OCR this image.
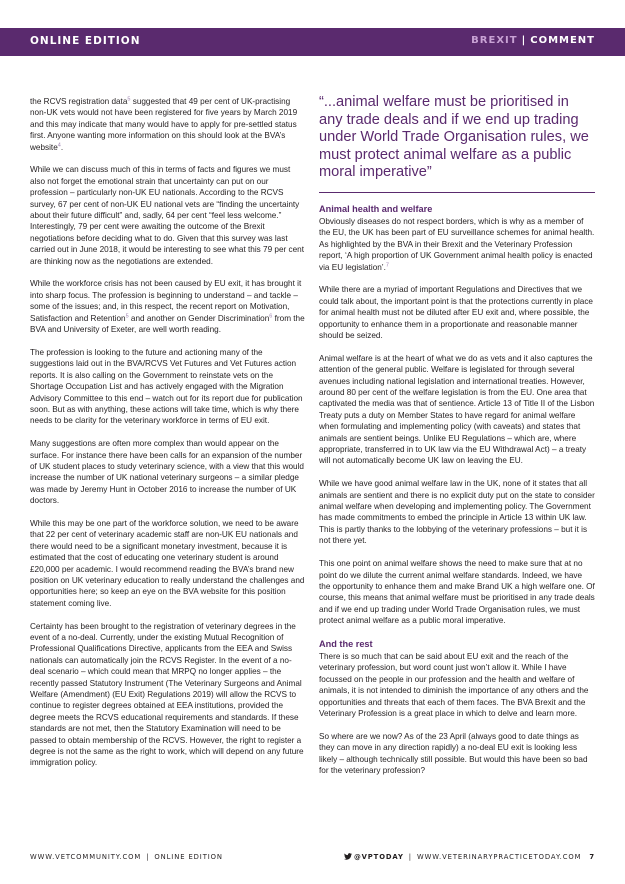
ONLINE EDITION	BREXIT | COMMENT

the RCVS registration data$^5$ suggested that 49 per cent of UK-practising non-UK vets would not have been registered for five years by March 2019 and this may indicate that many would have to apply for pre-settled status first. Anyone wanting more information on this should look at the BVA’s website$^4$.

While we can discuss much of this in terms of facts and figures we must also not forget the emotional strain that uncertainty can put on our profession – particularly non-UK EU nationals. According to the RCVS survey, 67 per cent of non-UK EU national vets are “finding the uncertainty about their future difficult” and, sadly, 64 per cent “feel less welcome.” Interestingly, 79 per cent were awaiting the outcome of the Brexit negotiations before deciding what to do. Given that this survey was last carried out in June 2018, it would be interesting to see what this 79 per cent are thinking now as the negotiations are extended.

While the workforce crisis has not been caused by EU exit, it has brought it into sharp focus. The profession is beginning to understand – and tackle – some of the issues; and, in this respect, the recent report on Motivation, Satisfaction and Retention$^5$ and another on Gender Discrimination$^6$ from the BVA and University of Exeter, are well worth reading.

The profession is looking to the future and actioning many of the suggestions laid out in the BVA/RCVS Vet Futures and Vet Futures action reports. It is also calling on the Government to reinstate vets on the Shortage Occupation List and has actively engaged with the Migration Advisory Committee to this end – watch out for its report due for publication soon. But as with anything, these actions will take time, which is why there needs to be clarity for the veterinary workforce in terms of EU exit.

Many suggestions are often more complex than would appear on the surface. For instance there have been calls for an expansion of the number of UK student places to study veterinary science, with a view that this would increase the number of UK national veterinary surgeons – a similar pledge was made by Jeremy Hunt in October 2016 to increase the number of UK doctors.

While this may be one part of the workforce solution, we need to be aware that 22 per cent of veterinary academic staff are non-UK EU nationals and there would need to be a significant monetary investment, because it is estimated that the cost of educating one veterinary student is around £20,000 per academic. I would recommend reading the BVA’s brand new position on UK veterinary education to really understand the challenges and opportunities here; so keep an eye on the BVA website for this position statement coming live.

Certainty has been brought to the registration of veterinary degrees in the event of a no-deal. Currently, under the existing Mutual Recognition of Professional Qualifications Directive, applicants from the EEA and Swiss nationals can automatically join the RCVS Register. In the event of a no-deal scenario – which could mean that MRPQ no longer applies – the recently passed Statutory Instrument (The Veterinary Surgeons and Animal Welfare (Amendment) (EU Exit) Regulations 2019) will allow the RCVS to continue to register degrees obtained at EEA institutions, provided the degree meets the RCVS educational requirements and standards. If these standards are not met, then the Statutory Examination will need to be passed to obtain membership of the RCVS. However, the right to register a degree is not the same as the right to work, which will depend on any future immigration policy.

“...animal welfare must be prioritised in any trade deals and if we end up trading under World Trade Organisation rules, we must protect animal welfare as a public moral imperative”
Animal health and welfare

Obviously diseases do not respect borders, which is why as a member of the EU, the UK has been part of EU surveillance schemes for animal health. As highlighted by the BVA in their Brexit and the Veterinary Profession report, ‘A high proportion of UK Government animal health policy is enacted via EU legislation’.$^7$

While there are a myriad of important Regulations and Directives that we could talk about, the important point is that the protections currently in place for animal health must not be diluted after EU exit and, where possible, the opportunity to enhance them in a proportionate and reasonable manner should be seized.

Animal welfare is at the heart of what we do as vets and it also captures the attention of the general public. Welfare is legislated for through several avenues including national legislation and international treaties. However, around 80 per cent of the welfare legislation is from the EU. One area that captivated the media was that of sentience. Article 13 of Title II of the Lisbon Treaty puts a duty on Member States to have regard for animal welfare when formulating and implementing policy (with caveats) and states that animals are sentient beings. Unlike EU Regulations – which are, where appropriate, transferred in to UK law via the EU Withdrawal Act) – a treaty will not automatically become UK law on leaving the EU.

While we have good animal welfare law in the UK, none of it states that all animals are sentient and there is no explicit duty put on the state to consider animal welfare when developing and implementing policy. The Government has made commitments to embed the principle in Article 13 within UK law. This is partly thanks to the lobbying of the veterinary professions – but it is not there yet.

This one point on animal welfare shows the need to make sure that at no point do we dilute the current animal welfare standards. Indeed, we have the opportunity to enhance them and make Brand UK a high welfare one. Of course, this means that animal welfare must be prioritised in any trade deals and if we end up trading under World Trade Organisation rules, we must protect animal welfare as a public moral imperative.

And the rest

There is so much that can be said about EU exit and the reach of the veterinary profession, but word count just won’t allow it. While I have focussed on the people in our profession and the health and welfare of animals, it is not intended to diminish the importance of any others and the opportunities and threats that each of them faces. The BVA Brexit and the Veterinary Profession is a great place in which to delve and learn more.

So where are we now? As of the 23 April (always good to date things as they can move in any direction rapidly) a no-deal EU exit is looking less likely – although technically still possible. But would this have been so bad for the veterinary profession?

WWW.VETCOMMUNITY.COM | ONLINE EDITION	@VPTODAY | WWW.VETERINARYPRACTICETODAY.COM 7
